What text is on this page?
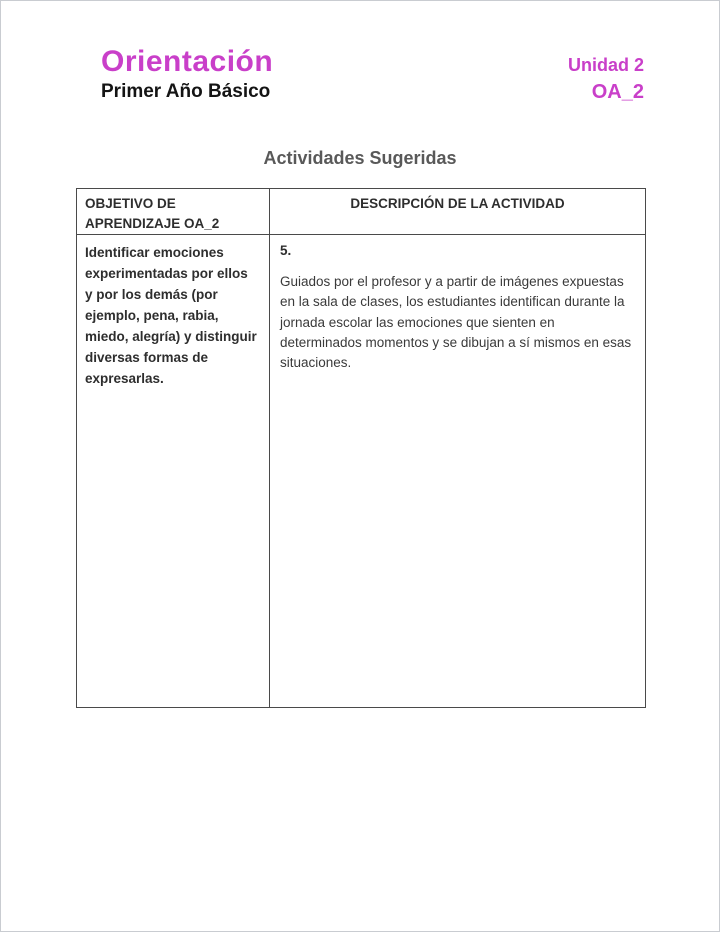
Orientación
Primer Año Básico
Unidad 2
OA_2
Actividades Sugeridas
OBJETIVO DE APRENDIZAJE OA_2
DESCRIPCIÓN DE LA ACTIVIDAD
Identificar emociones experimentadas por ellos y por los demás (por ejemplo, pena, rabia, miedo, alegría) y distinguir diversas formas de expresarlas.
5.
Guiados por el profesor y a partir de imágenes expuestas en la sala de clases, los estudiantes identifican durante la jornada escolar las emociones que sienten en determinados momentos y se dibujan a sí mismos en esas situaciones.
